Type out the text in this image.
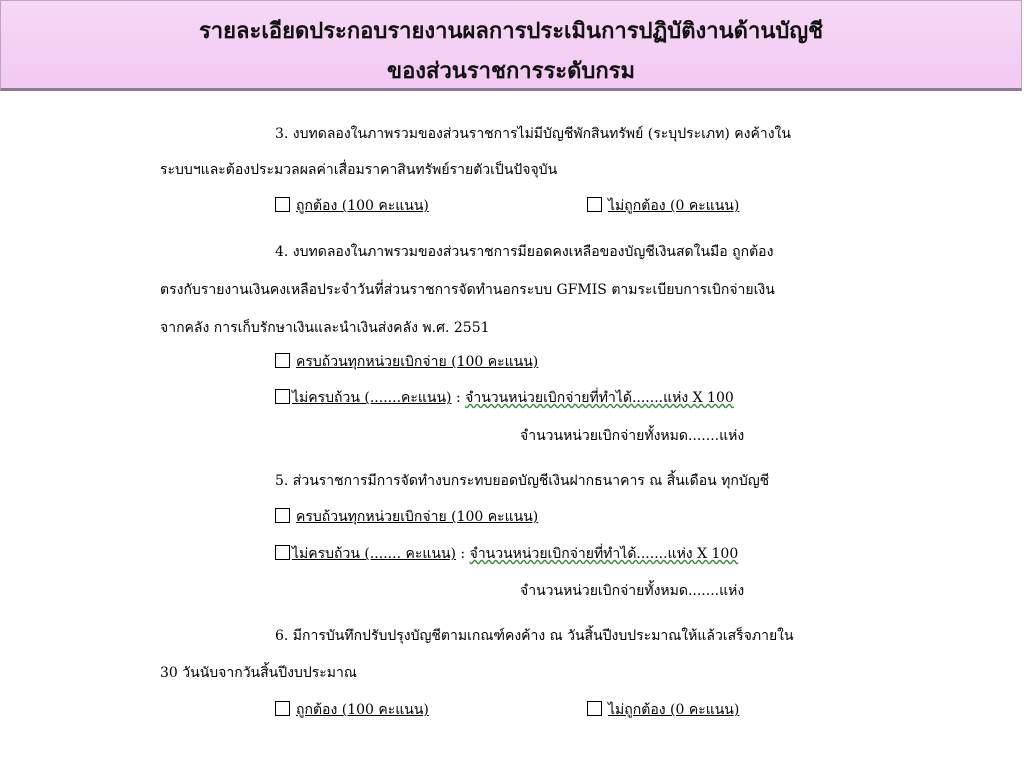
รายละเอียดประกอบรายงานผลการประเมินการปฏิบัติงานด้านบัญชี
ของส่วนราชการระดับกรม
3. งบทดลองในภาพรวมของส่วนราชการไม่มีบัญชีพักสินทรัพย์ (ระบุประเภท) คงค้างใน
ระบบฯและต้องประมวลผลค่าเสื่อมราคาสินทรัพย์รายตัวเป็นปัจจุบัน
ถูกต้อง (100 คะแนน)	ไม่ถูกต้อง (0 คะแนน)
4. งบทดลองในภาพรวมของส่วนราชการมียอดคงเหลือของบัญชีเงินสดในมือ ถูกต้อง
ตรงกับรายงานเงินคงเหลือประจำวันที่ส่วนราชการจัดทำนอกระบบ GFMIS ตามระเบียบการเบิกจ่ายเงิน
จากคลัง การเก็บรักษาเงินและนำเงินส่งคลัง พ.ศ. 2551
ครบถ้วนทุกหน่วยเบิกจ่าย (100 คะแนน)
ไม่ครบถ้วน (.......คะแนน) : จำนวนหน่วยเบิกจ่ายที่ทำได้.......แห่ง X 100
จำนวนหน่วยเบิกจ่ายทั้งหมด.......แห่ง
5. ส่วนราชการมีการจัดทำงบกระทบยอดบัญชีเงินฝากธนาคาร ณ สิ้นเดือน ทุกบัญชี
ครบถ้วนทุกหน่วยเบิกจ่าย (100 คะแนน)
ไม่ครบถ้วน (....... คะแนน) : จำนวนหน่วยเบิกจ่ายที่ทำได้.......แห่ง X 100
จำนวนหน่วยเบิกจ่ายทั้งหมด.......แห่ง
6. มีการบันทึกปรับปรุงบัญชีตามเกณฑ์คงค้าง ณ วันสิ้นปีงบประมาณให้แล้วเสร็จภายใน
30 วันนับจากวันสิ้นปีงบประมาณ
ถูกต้อง (100 คะแนน)	ไม่ถูกต้อง (0 คะแนน)
